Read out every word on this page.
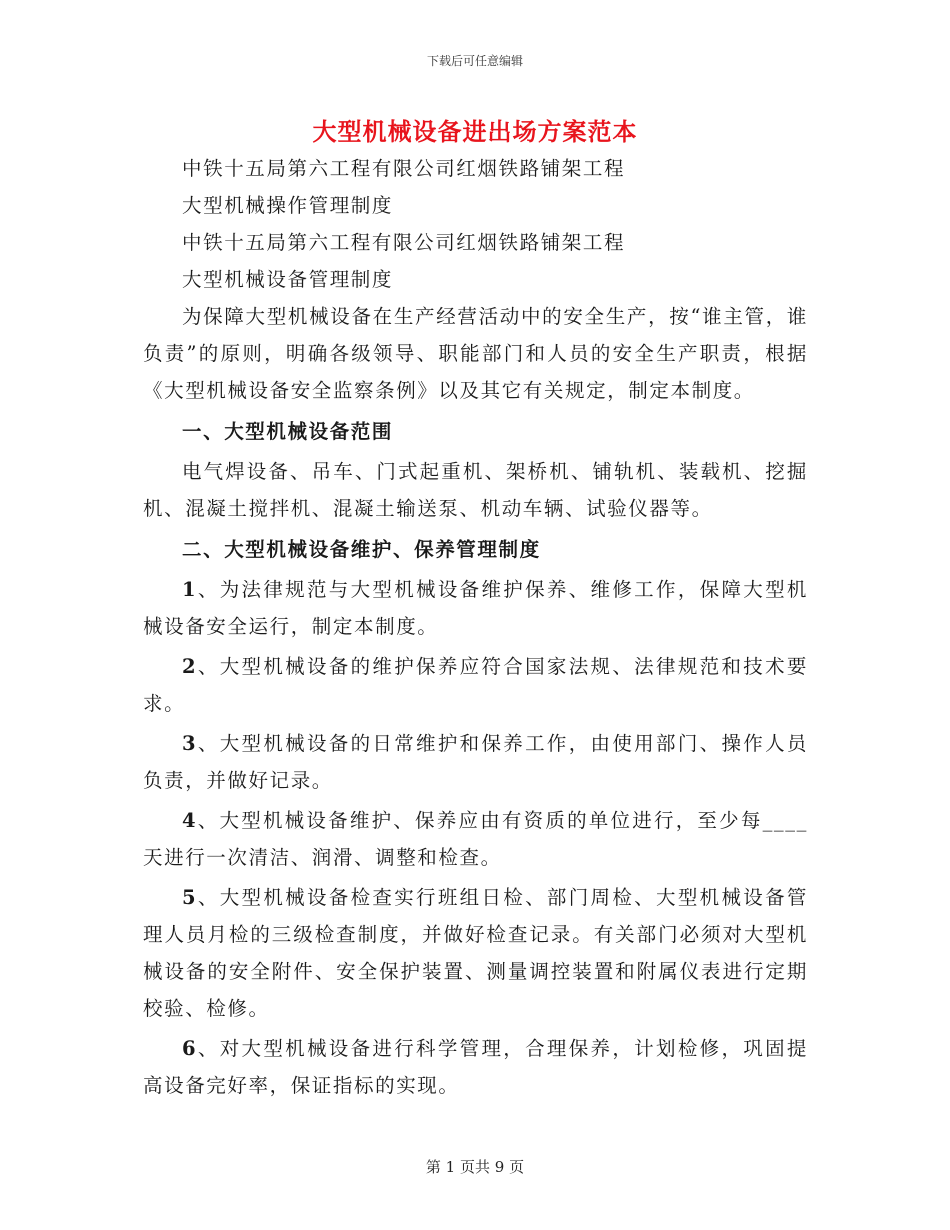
下载后可任意编辑
大型机械设备进出场方案范本

中铁十五局第六工程有限公司红烟铁路铺架工程

大型机械操作管理制度

中铁十五局第六工程有限公司红烟铁路铺架工程

大型机械设备管理制度

为保障大型机械设备在生产经营活动中的安全生产，按“谁主管，谁负责”的原则，明确各级领导、职能部门和人员的安全生产职责，根据《大型机械设备安全监察条例》以及其它有关规定，制定本制度。

一、大型机械设备范围

电气焊设备、吊车、门式起重机、架桥机、铺轨机、装载机、挖掘机、混凝土搅拌机、混凝土输送泵、机动车辆、试验仪器等。

二、大型机械设备维护、保养管理制度

1、为法律规范与大型机械设备维护保养、维修工作，保障大型机械设备安全运行，制定本制度。

2、大型机械设备的维护保养应符合国家法规、法律规范和技术要求。

3、大型机械设备的日常维护和保养工作，由使用部门、操作人员负责，并做好记录。

4、大型机械设备维护、保养应由有资质的单位进行，至少每____天进行一次清洁、润滑、调整和检查。

5、大型机械设备检查实行班组日检、部门周检、大型机械设备管理人员月检的三级检查制度，并做好检查记录。有关部门必须对大型机械设备的安全附件、安全保护装置、测量调控装置和附属仪表进行定期校验、检修。

6、对大型机械设备进行科学管理，合理保养，计划检修，巩固提高设备完好率，保证指标的实现。

第 1 页共 9 页
